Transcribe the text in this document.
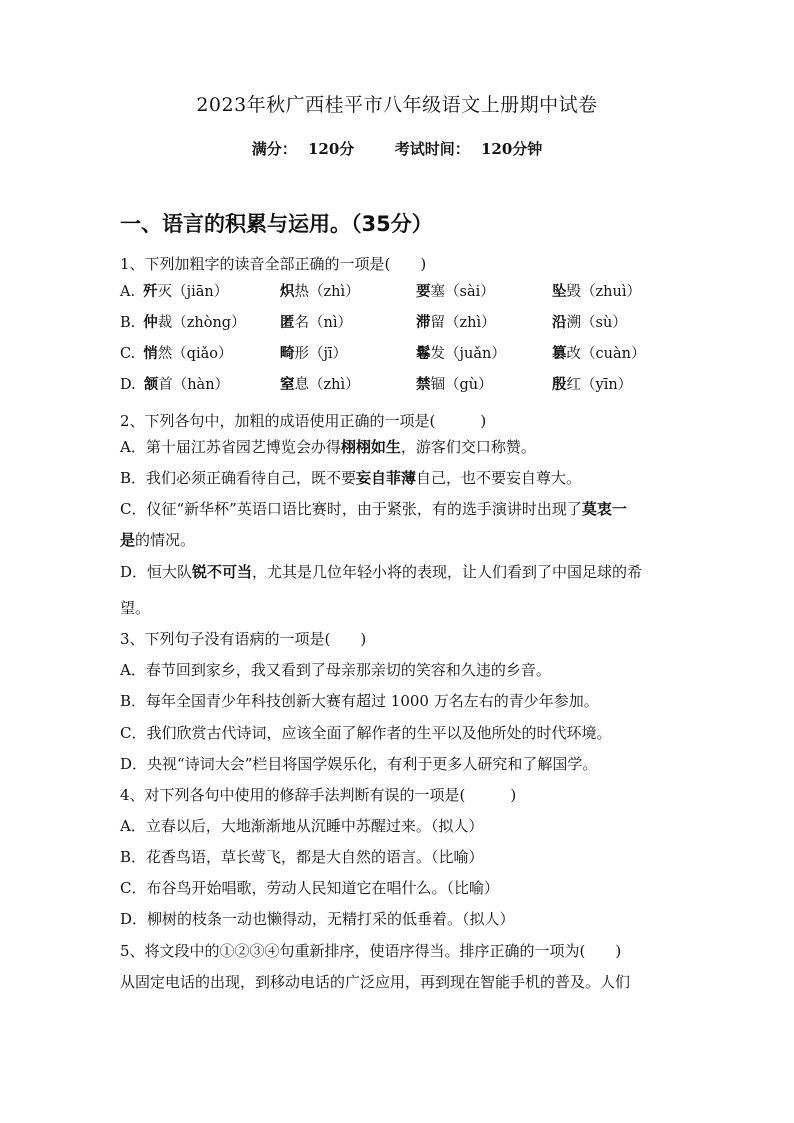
2023年秋广西桂平市八年级语文上册期中试卷
满分： 120分	考试时间： 120分钟
一、语言的积累与运用。（35分）
1、下列加粗字的读音全部正确的一项是(　　)
A. 歼灭（jiān）	炽热（zhì）	要塞（sài）	坠毁（zhuì）
B. 仲裁（zhòng） 匿名（nì）	滞留（zhì）	沿溯（sù）
C. 悄然（qiǎo）	畸形（jī）	鬈发（juǎn）	篡改（cuàn）
D. 颔首（hàn）	窒息（zhì）	禁锢（gù）	殷红（yīn）
2、下列各句中，加粗的成语使用正确的一项是(　　　)
A．第十届江苏省园艺博览会办得栩栩如生，游客们交口称赞。
B．我们必须正确看待自己，既不要妄自菲薄自己，也不要妄自尊大。
C．仪征“新华杯”英语口语比赛时，由于紧张，有的选手演讲时出现了莫衷一
是的情况。
D．恒大队锐不可当，尤其是几位年轻小将的表现，让人们看到了中国足球的希
望。
3、下列句子没有语病的一项是(　　)
A．春节回到家乡，我又看到了母亲那亲切的笑容和久违的乡音。
B．每年全国青少年科技创新大赛有超过 1000 万名左右的青少年参加。
C．我们欣赏古代诗词，应该全面了解作者的生平以及他所处的时代环境。
D．央视“诗词大会”栏目将国学娱乐化，有利于更多人研究和了解国学。
4、对下列各句中使用的修辞手法判断有误的一项是(　　　)
A．立春以后，大地渐渐地从沉睡中苏醒过来。（拟人）
B．花香鸟语，草长莺飞，都是大自然的语言。（比喻）
C．布谷鸟开始唱歌，劳动人民知道它在唱什么。（比喻）
D．柳树的枝条一动也懒得动，无精打采的低垂着。（拟人）
5、将文段中的①②③④句重新排序，使语序得当。排序正确的一项为(　　)
从固定电话的出现，到移动电话的广泛应用，再到现在智能手机的普及。人们
